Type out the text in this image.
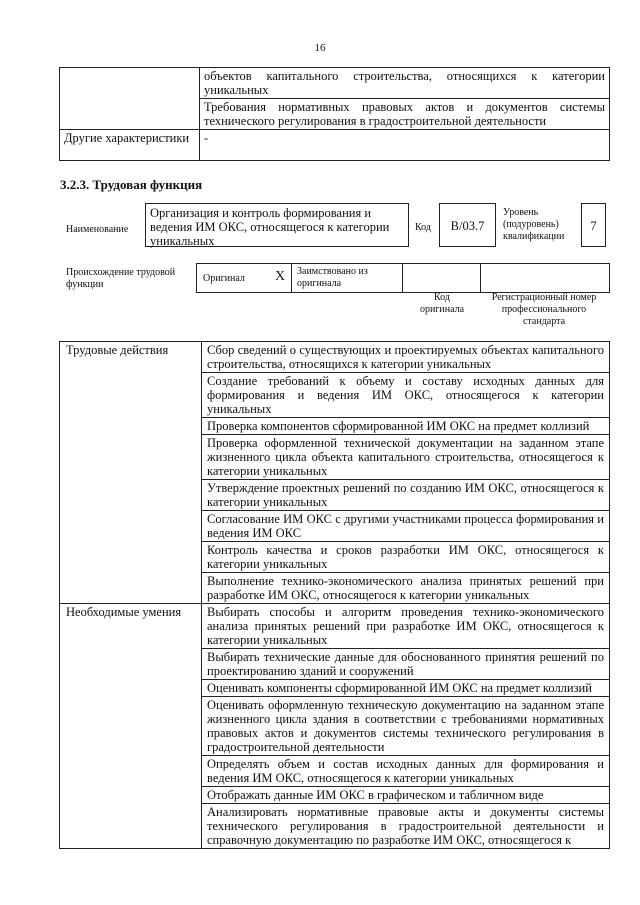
16
	объектов капитального строительства, относящихся к категории уникальных
	Требования нормативных правовых актов и документов системы технического регулирования в градостроительной деятельности
Другие характеристики	-
3.2.3. Трудовая функция
Наименование
Организация и контроль формирования и ведения ИМ ОКС, относящегося к категории уникальных
Код	В/03.7
Уровень (подуровень) квалификации
7
Происхождение трудовой функции
Оригинал X Заимствовано из оригинала
Код оригинала
Регистрационный номер профессионального стандарта
Трудовые действия	Сбор сведений о существующих и проектируемых объектах капитального строительства, относящихся к категории уникальных
	Создание требований к объему и составу исходных данных для формирования и ведения ИМ ОКС, относящегося к категории уникальных
	Проверка компонентов сформированной ИМ ОКС на предмет коллизий
	Проверка оформленной технической документации на заданном этапе жизненного цикла объекта капитального строительства, относящегося к категории уникальных
	Утверждение проектных решений по созданию ИМ ОКС, относящегося к категории уникальных
	Согласование ИМ ОКС с другими участниками процесса формирования и ведения ИМ ОКС
	Контроль качества и сроков разработки ИМ ОКС, относящегося к категории уникальных
	Выполнение технико-экономического анализа принятых решений при разработке ИМ ОКС, относящегося к категории уникальных
Необходимые умения	Выбирать способы и алгоритм проведения технико-экономического анализа принятых решений при разработке ИМ ОКС, относящегося к категории уникальных
	Выбирать технические данные для обоснованного принятия решений по проектированию зданий и сооружений
	Оценивать компоненты сформированной ИМ ОКС на предмет коллизий
	Оценивать оформленную техническую документацию на заданном этапе жизненного цикла здания в соответствии с требованиями нормативных правовых актов и документов системы технического регулирования в градостроительной деятельности
	Определять объем и состав исходных данных для формирования и ведения ИМ ОКС, относящегося к категории уникальных
	Отображать данные ИМ ОКС в графическом и табличном виде
	Анализировать нормативные правовые акты и документы системы технического регулирования в градостроительной деятельности и справочную документацию по разработке ИМ ОКС, относящегося к
